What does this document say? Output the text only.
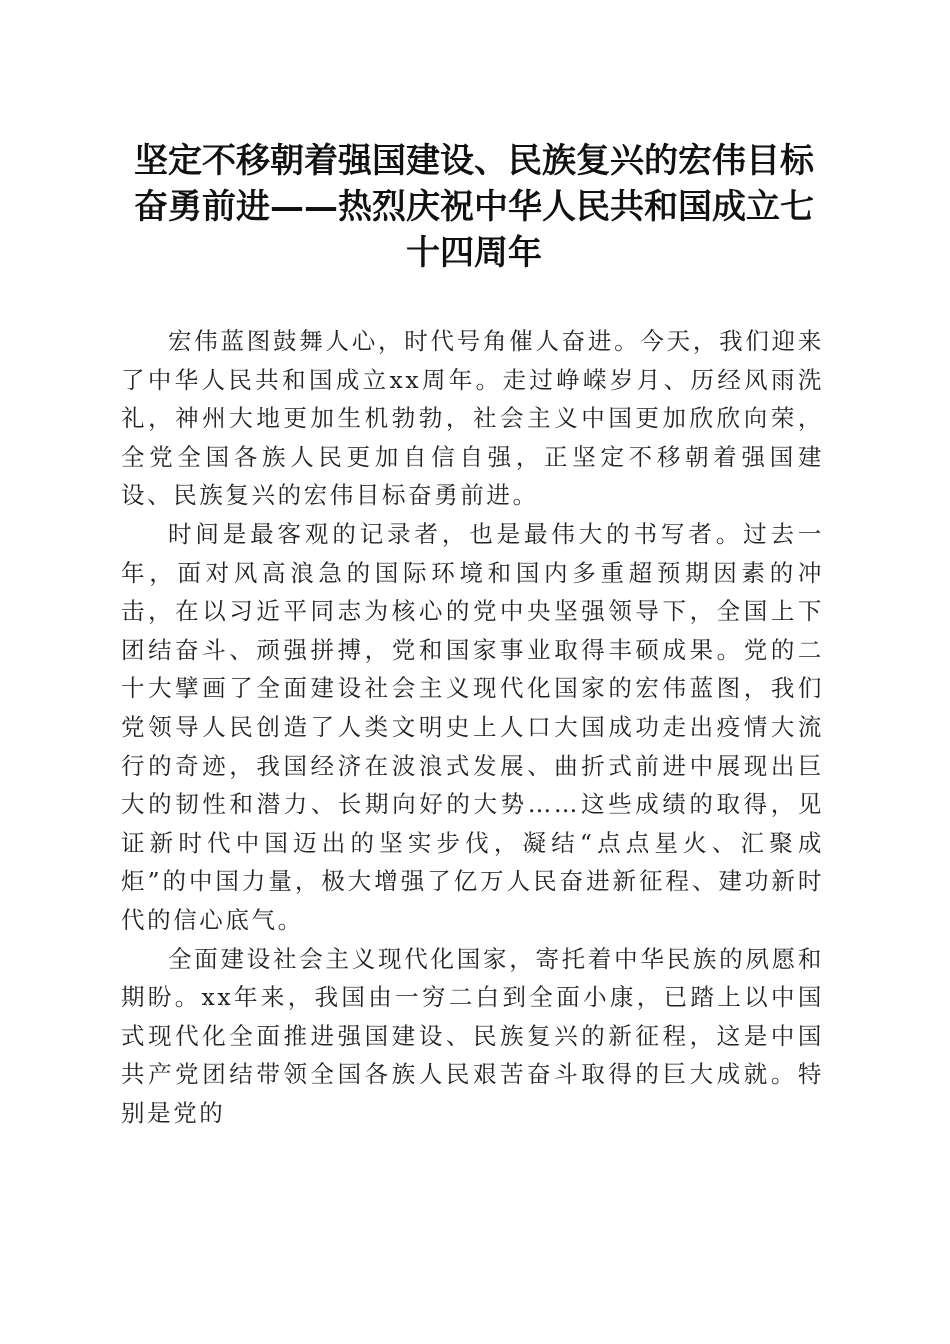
坚定不移朝着强国建设、民族复兴的宏伟目标奋勇前进——热烈庆祝中华人民共和国成立七十四周年

宏伟蓝图鼓舞人心，时代号角催人奋进。今天，我们迎来了中华人民共和国成立xx周年。走过峥嵘岁月、历经风雨洗礼，神州大地更加生机勃勃，社会主义中国更加欣欣向荣，全党全国各族人民更加自信自强，正坚定不移朝着强国建设、民族复兴的宏伟目标奋勇前进。

时间是最客观的记录者，也是最伟大的书写者。过去一年，面对风高浪急的国际环境和国内多重超预期因素的冲击，在以习近平同志为核心的党中央坚强领导下，全国上下团结奋斗、顽强拼搏，党和国家事业取得丰硕成果。党的二十大擘画了全面建设社会主义现代化国家的宏伟蓝图，我们党领导人民创造了人类文明史上人口大国成功走出疫情大流行的奇迹，我国经济在波浪式发展、曲折式前进中展现出巨大的韧性和潜力、长期向好的大势……这些成绩的取得，见证新时代中国迈出的坚实步伐，凝结“点点星火、汇聚成炬”的中国力量，极大增强了亿万人民奋进新征程、建功新时代的信心底气。

全面建设社会主义现代化国家，寄托着中华民族的夙愿和期盼。xx年来，我国由一穷二白到全面小康，已踏上以中国式现代化全面推进强国建设、民族复兴的新征程，这是中国共产党团结带领全国各族人民艰苦奋斗取得的巨大成就。特别是党的
